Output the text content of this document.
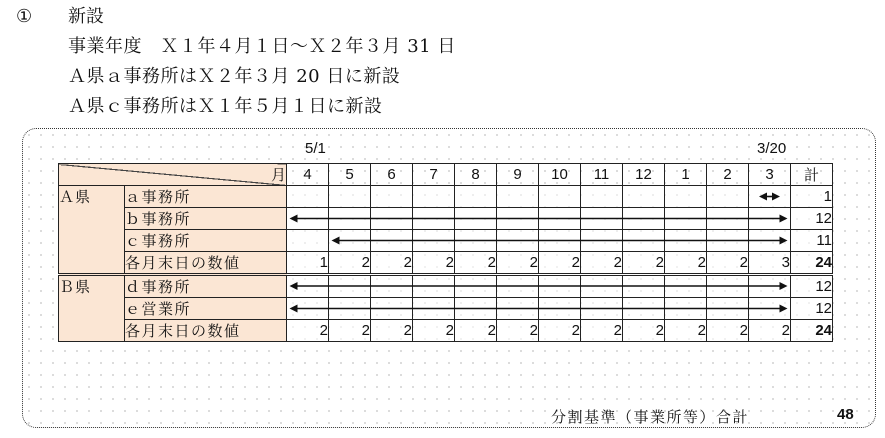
① 新設
事業年度　Ｘ１年４月１日～Ｘ２年３月 31 日
Ａ県ａ事務所はＸ２年３月 20 日に新設
Ａ県ｃ事務所はＸ１年５月１日に新設
5/1	3/20
月		4	5	6	7	8	9	10	11	12	1	2	3	計
Ａ県	ａ事務所													1
	ｂ事務所													12
	ｃ事務所													11
	各月末日の数値	1	2	2	2	2	2	2	2	2	2	2	3	24
Ｂ県	ｄ事務所													12
	ｅ営業所													12
	各月末日の数値	2	2	2	2	2	2	2	2	2	2	2	2	24
分割基準（事業所等）合計	48
